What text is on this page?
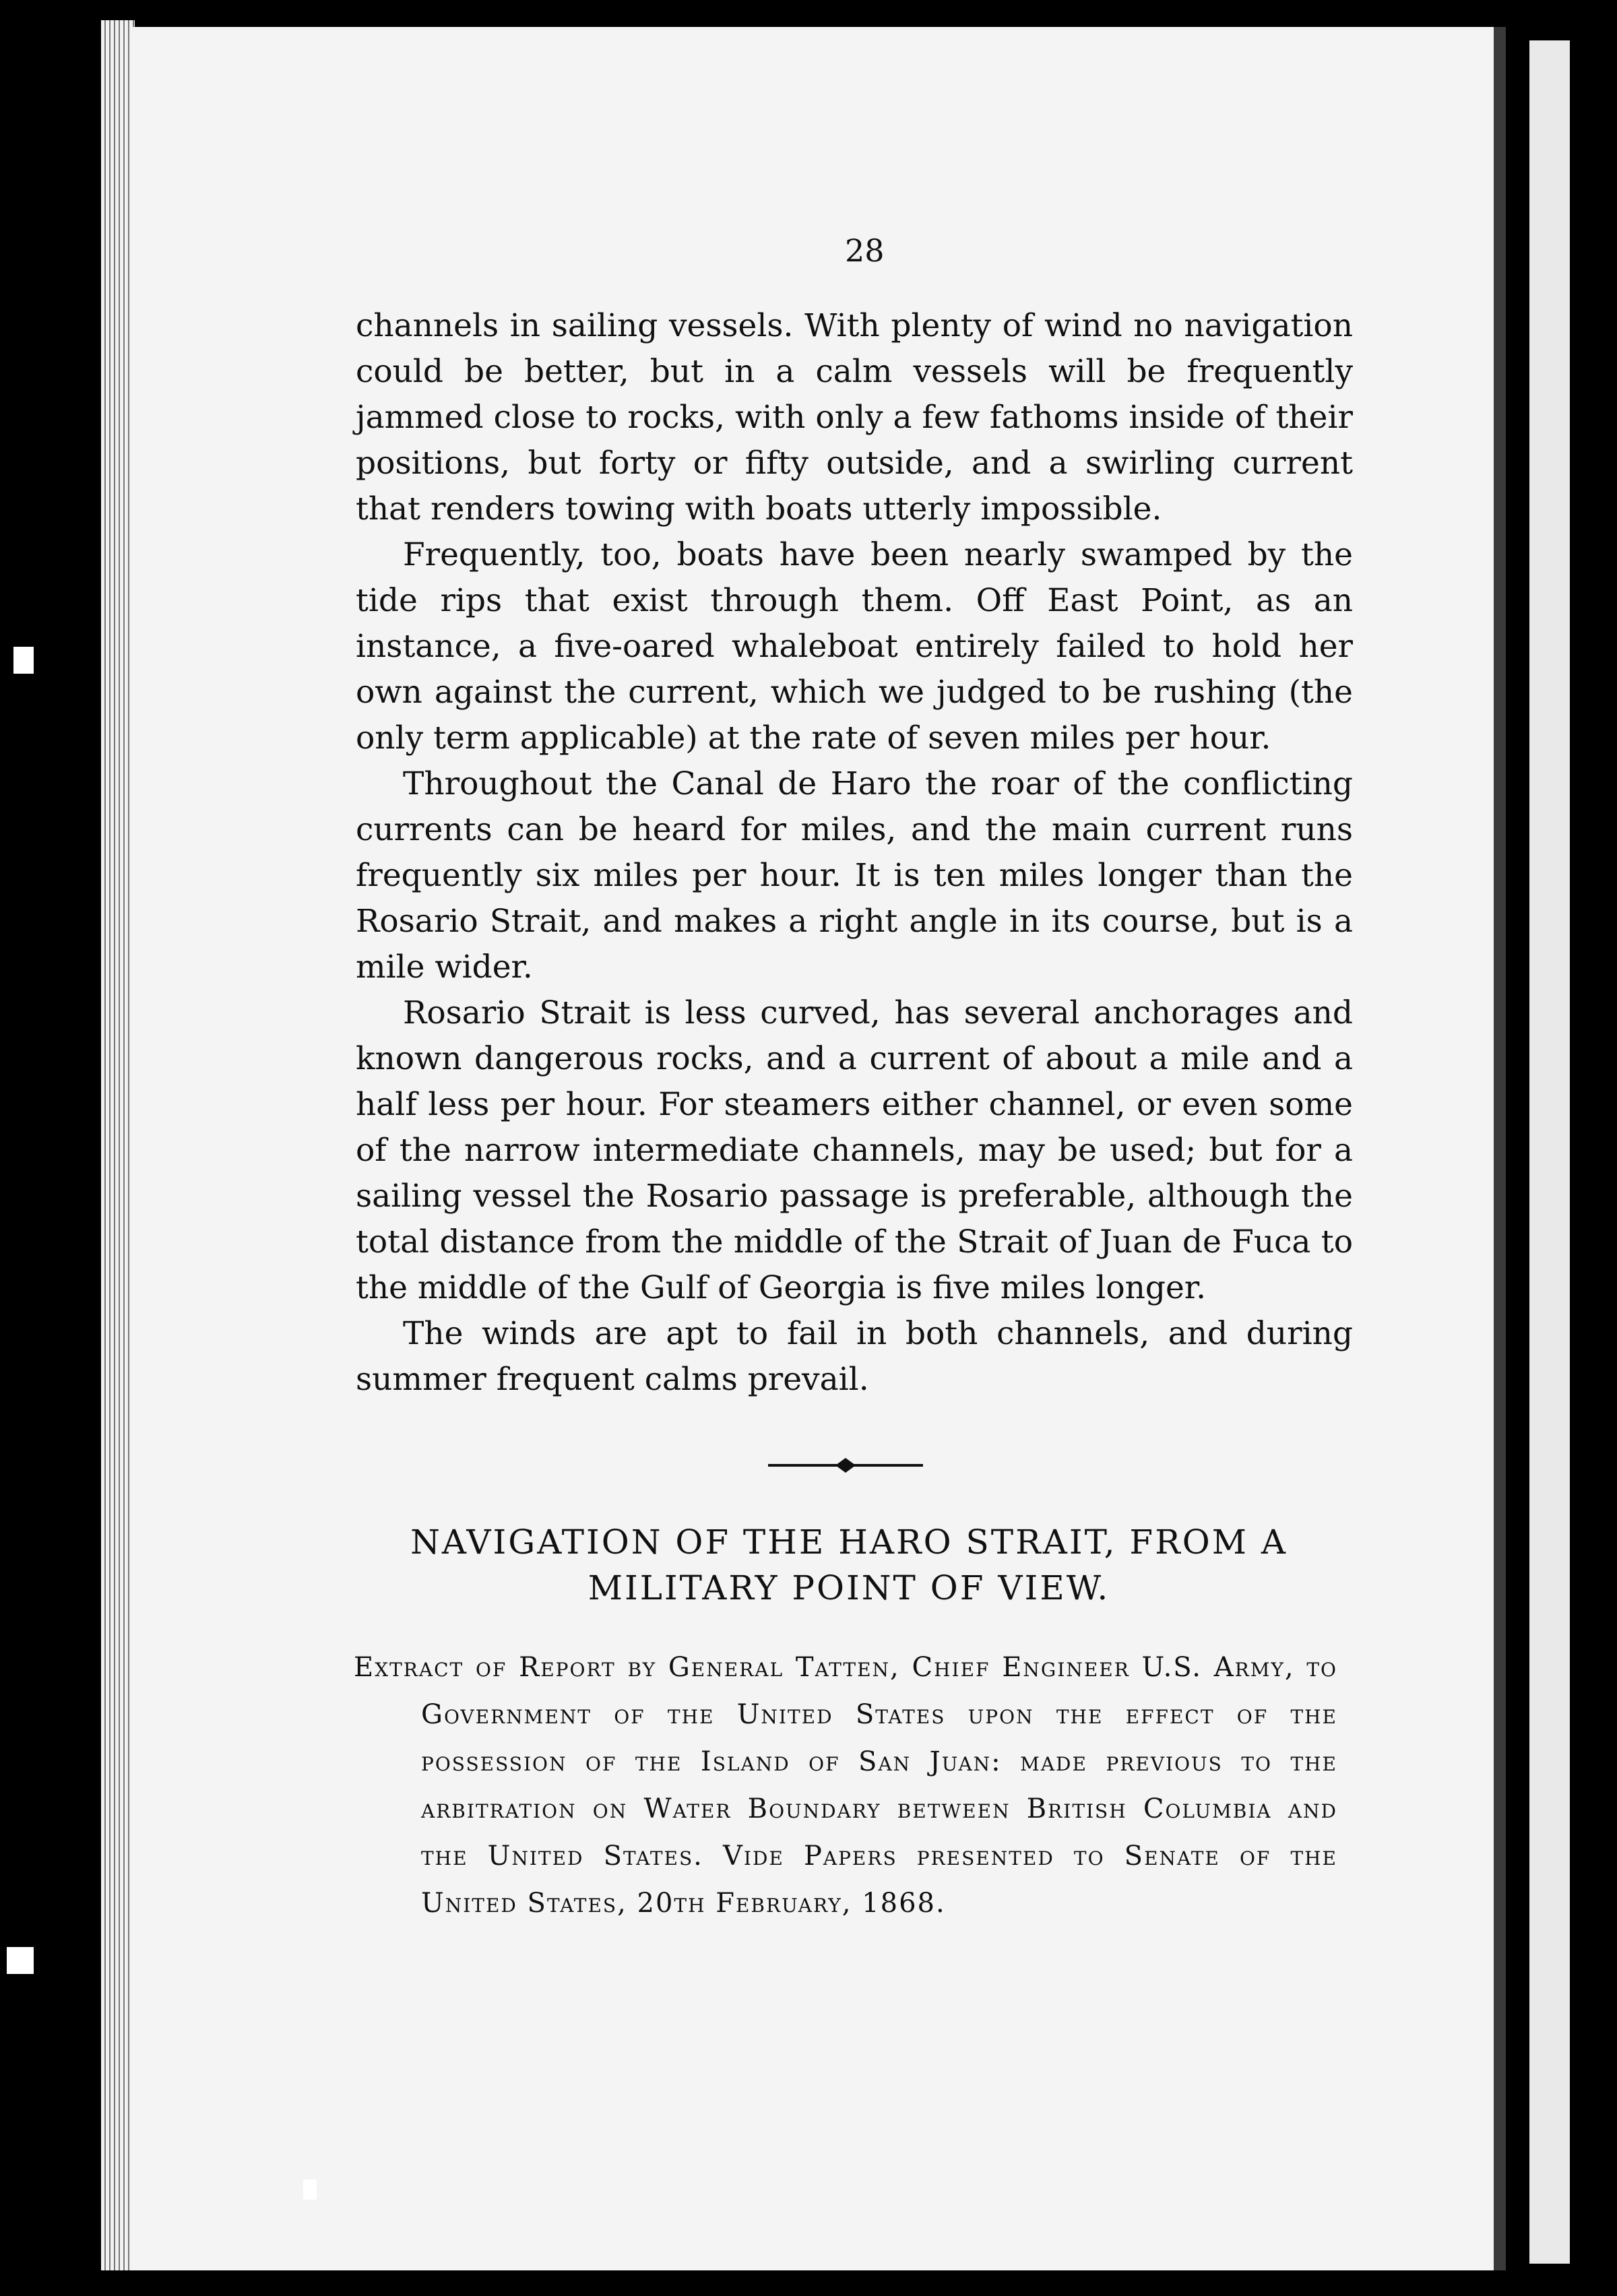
28

channels in sailing vessels. With plenty of wind no navigation could be better, but in a calm vessels will be frequently jammed close to rocks, with only a few fathoms inside of their positions, but forty or fifty outside, and a swirling current that renders towing with boats utterly impossible.

Frequently, too, boats have been nearly swamped by the tide rips that exist through them. Off East Point, as an instance, a five-oared whaleboat entirely failed to hold her own against the current, which we judged to be rushing (the only term applicable) at the rate of seven miles per hour.

Throughout the Canal de Haro the roar of the conflicting currents can be heard for miles, and the main current runs frequently six miles per hour. It is ten miles longer than the Rosario Strait, and makes a right angle in its course, but is a mile wider.

Rosario Strait is less curved, has several anchorages and known dangerous rocks, and a current of about a mile and a half less per hour. For steamers either channel, or even some of the narrow intermediate channels, may be used; but for a sailing vessel the Rosario passage is preferable, although the total distance from the middle of the Strait of Juan de Fuca to the middle of the Gulf of Georgia is five miles longer.

The winds are apt to fail in both channels, and during summer frequent calms prevail.

NAVIGATION OF THE HARO STRAIT, FROM A MILITARY POINT OF VIEW.
Extract of Report by General Tatten, Chief Engineer U.S. Army, to Government of the United States upon the effect of the possession of the Island of San Juan: made previous to the arbitration on Water Boundary between British Columbia and the United States. Vide Papers presented to Senate of the United States, 20th February, 1868.
